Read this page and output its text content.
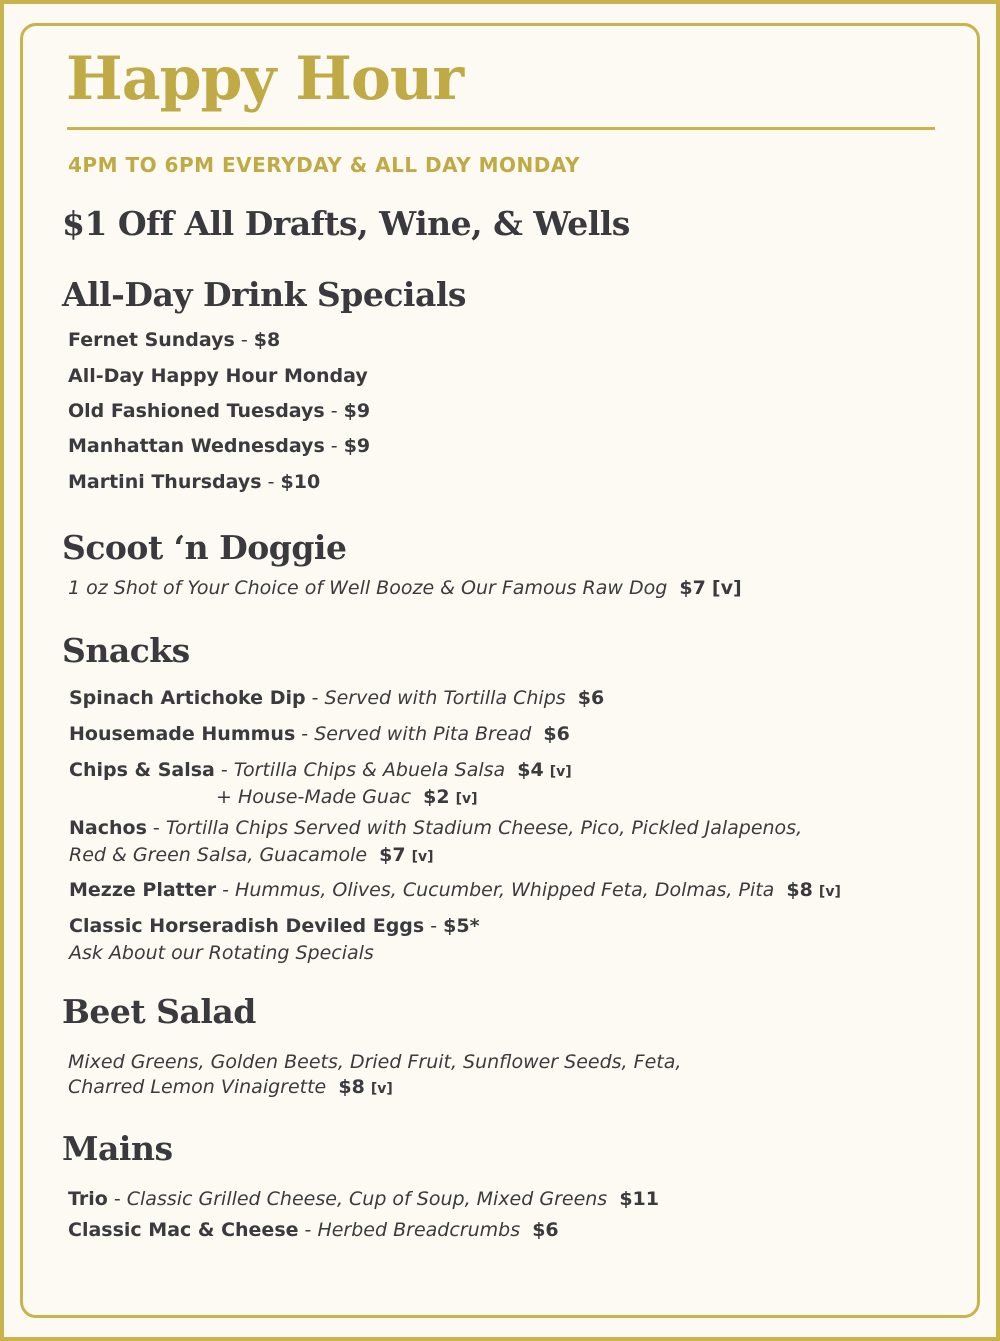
Happy Hour
4PM TO 6PM EVERYDAY & ALL DAY MONDAY
$1 Off All Drafts, Wine, & Wells
All-Day Drink Specials
Fernet Sundays - $8
All-Day Happy Hour Monday
Old Fashioned Tuesdays - $9
Manhattan Wednesdays - $9
Martini Thursdays - $10
Scoot ‘n Doggie
1 oz Shot of Your Choice of Well Booze & Our Famous Raw Dog $7 [v]
Snacks
Spinach Artichoke Dip - Served with Tortilla Chips $6
Housemade Hummus - Served with Pita Bread $6
Chips & Salsa - Tortilla Chips & Abuela Salsa $4 [v]
+ House-Made Guac $2 [v]
Nachos - Tortilla Chips Served with Stadium Cheese, Pico, Pickled Jalapenos,
Red & Green Salsa, Guacamole $7 [v]
Mezze Platter - Hummus, Olives, Cucumber, Whipped Feta, Dolmas, Pita $8 [v]
Classic Horseradish Deviled Eggs - $5*
Ask About our Rotating Specials
Beet Salad
Mixed Greens, Golden Beets, Dried Fruit, Sunflower Seeds, Feta,
Charred Lemon Vinaigrette $8 [v]
Mains
Trio - Classic Grilled Cheese, Cup of Soup, Mixed Greens $11
Classic Mac & Cheese - Herbed Breadcrumbs $6
